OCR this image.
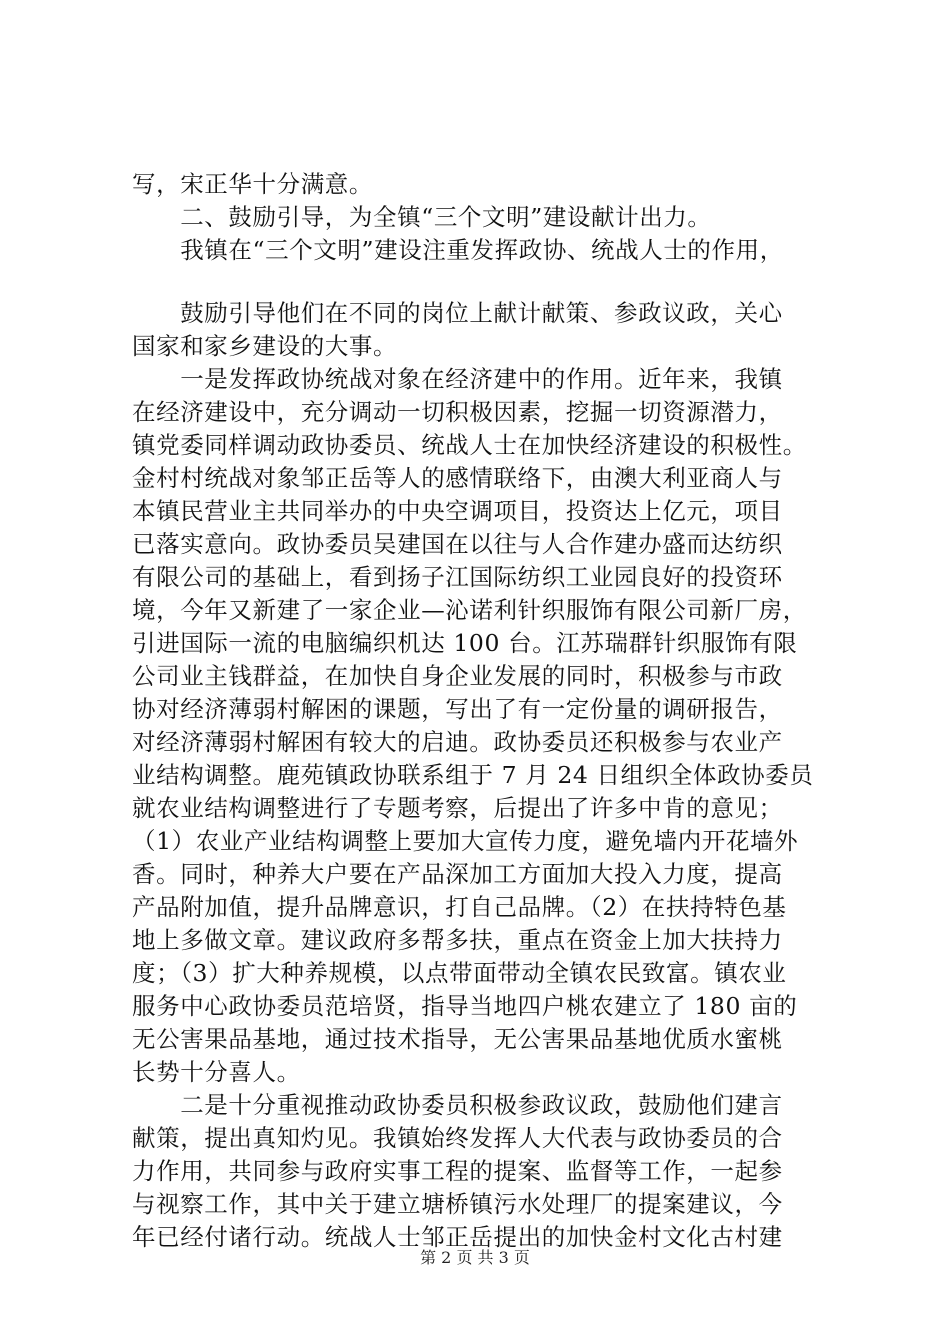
写，宋正华十分满意。
　　二、鼓励引导，为全镇“三个文明”建设献计出力。
　　我镇在“三个文明”建设注重发挥政协、统战人士的作用，
　　鼓励引导他们在不同的岗位上献计献策、参政议政，关心
国家和家乡建设的大事。
　　一是发挥政协统战对象在经济建中的作用。近年来，我镇
在经济建设中，充分调动一切积极因素，挖掘一切资源潜力，
镇党委同样调动政协委员、统战人士在加快经济建设的积极性。
金村村统战对象邹正岳等人的感情联络下，由澳大利亚商人与
本镇民营业主共同举办的中央空调项目，投资达上亿元，项目
已落实意向。政协委员吴建国在以往与人合作建办盛而达纺织
有限公司的基础上，看到扬子江国际纺织工业园良好的投资环
境，今年又新建了一家企业—沁诺利针织服饰有限公司新厂房，
引进国际一流的电脑编织机达 100 台。江苏瑞群针织服饰有限
公司业主钱群益，在加快自身企业发展的同时，积极参与市政
协对经济薄弱村解困的课题，写出了有一定份量的调研报告，
对经济薄弱村解困有较大的启迪。政协委员还积极参与农业产
业结构调整。鹿苑镇政协联系组于 7 月 24 日组织全体政协委员
就农业结构调整进行了专题考察，后提出了许多中肯的意见；
（1）农业产业结构调整上要加大宣传力度，避免墙内开花墙外
香。同时，种养大户要在产品深加工方面加大投入力度，提高
产品附加值，提升品牌意识，打自己品牌。（2）在扶持特色基
地上多做文章。建议政府多帮多扶，重点在资金上加大扶持力
度；（3）扩大种养规模，以点带面带动全镇农民致富。镇农业
服务中心政协委员范培贤，指导当地四户桃农建立了 180 亩的
无公害果品基地，通过技术指导，无公害果品基地优质水蜜桃
长势十分喜人。
　　二是十分重视推动政协委员积极参政议政，鼓励他们建言
献策，提出真知灼见。我镇始终发挥人大代表与政协委员的合
力作用，共同参与政府实事工程的提案、监督等工作，一起参
与视察工作，其中关于建立塘桥镇污水处理厂的提案建议，今
年已经付诸行动。统战人士邹正岳提出的加快金村文化古村建
第 2 页 共 3 页
